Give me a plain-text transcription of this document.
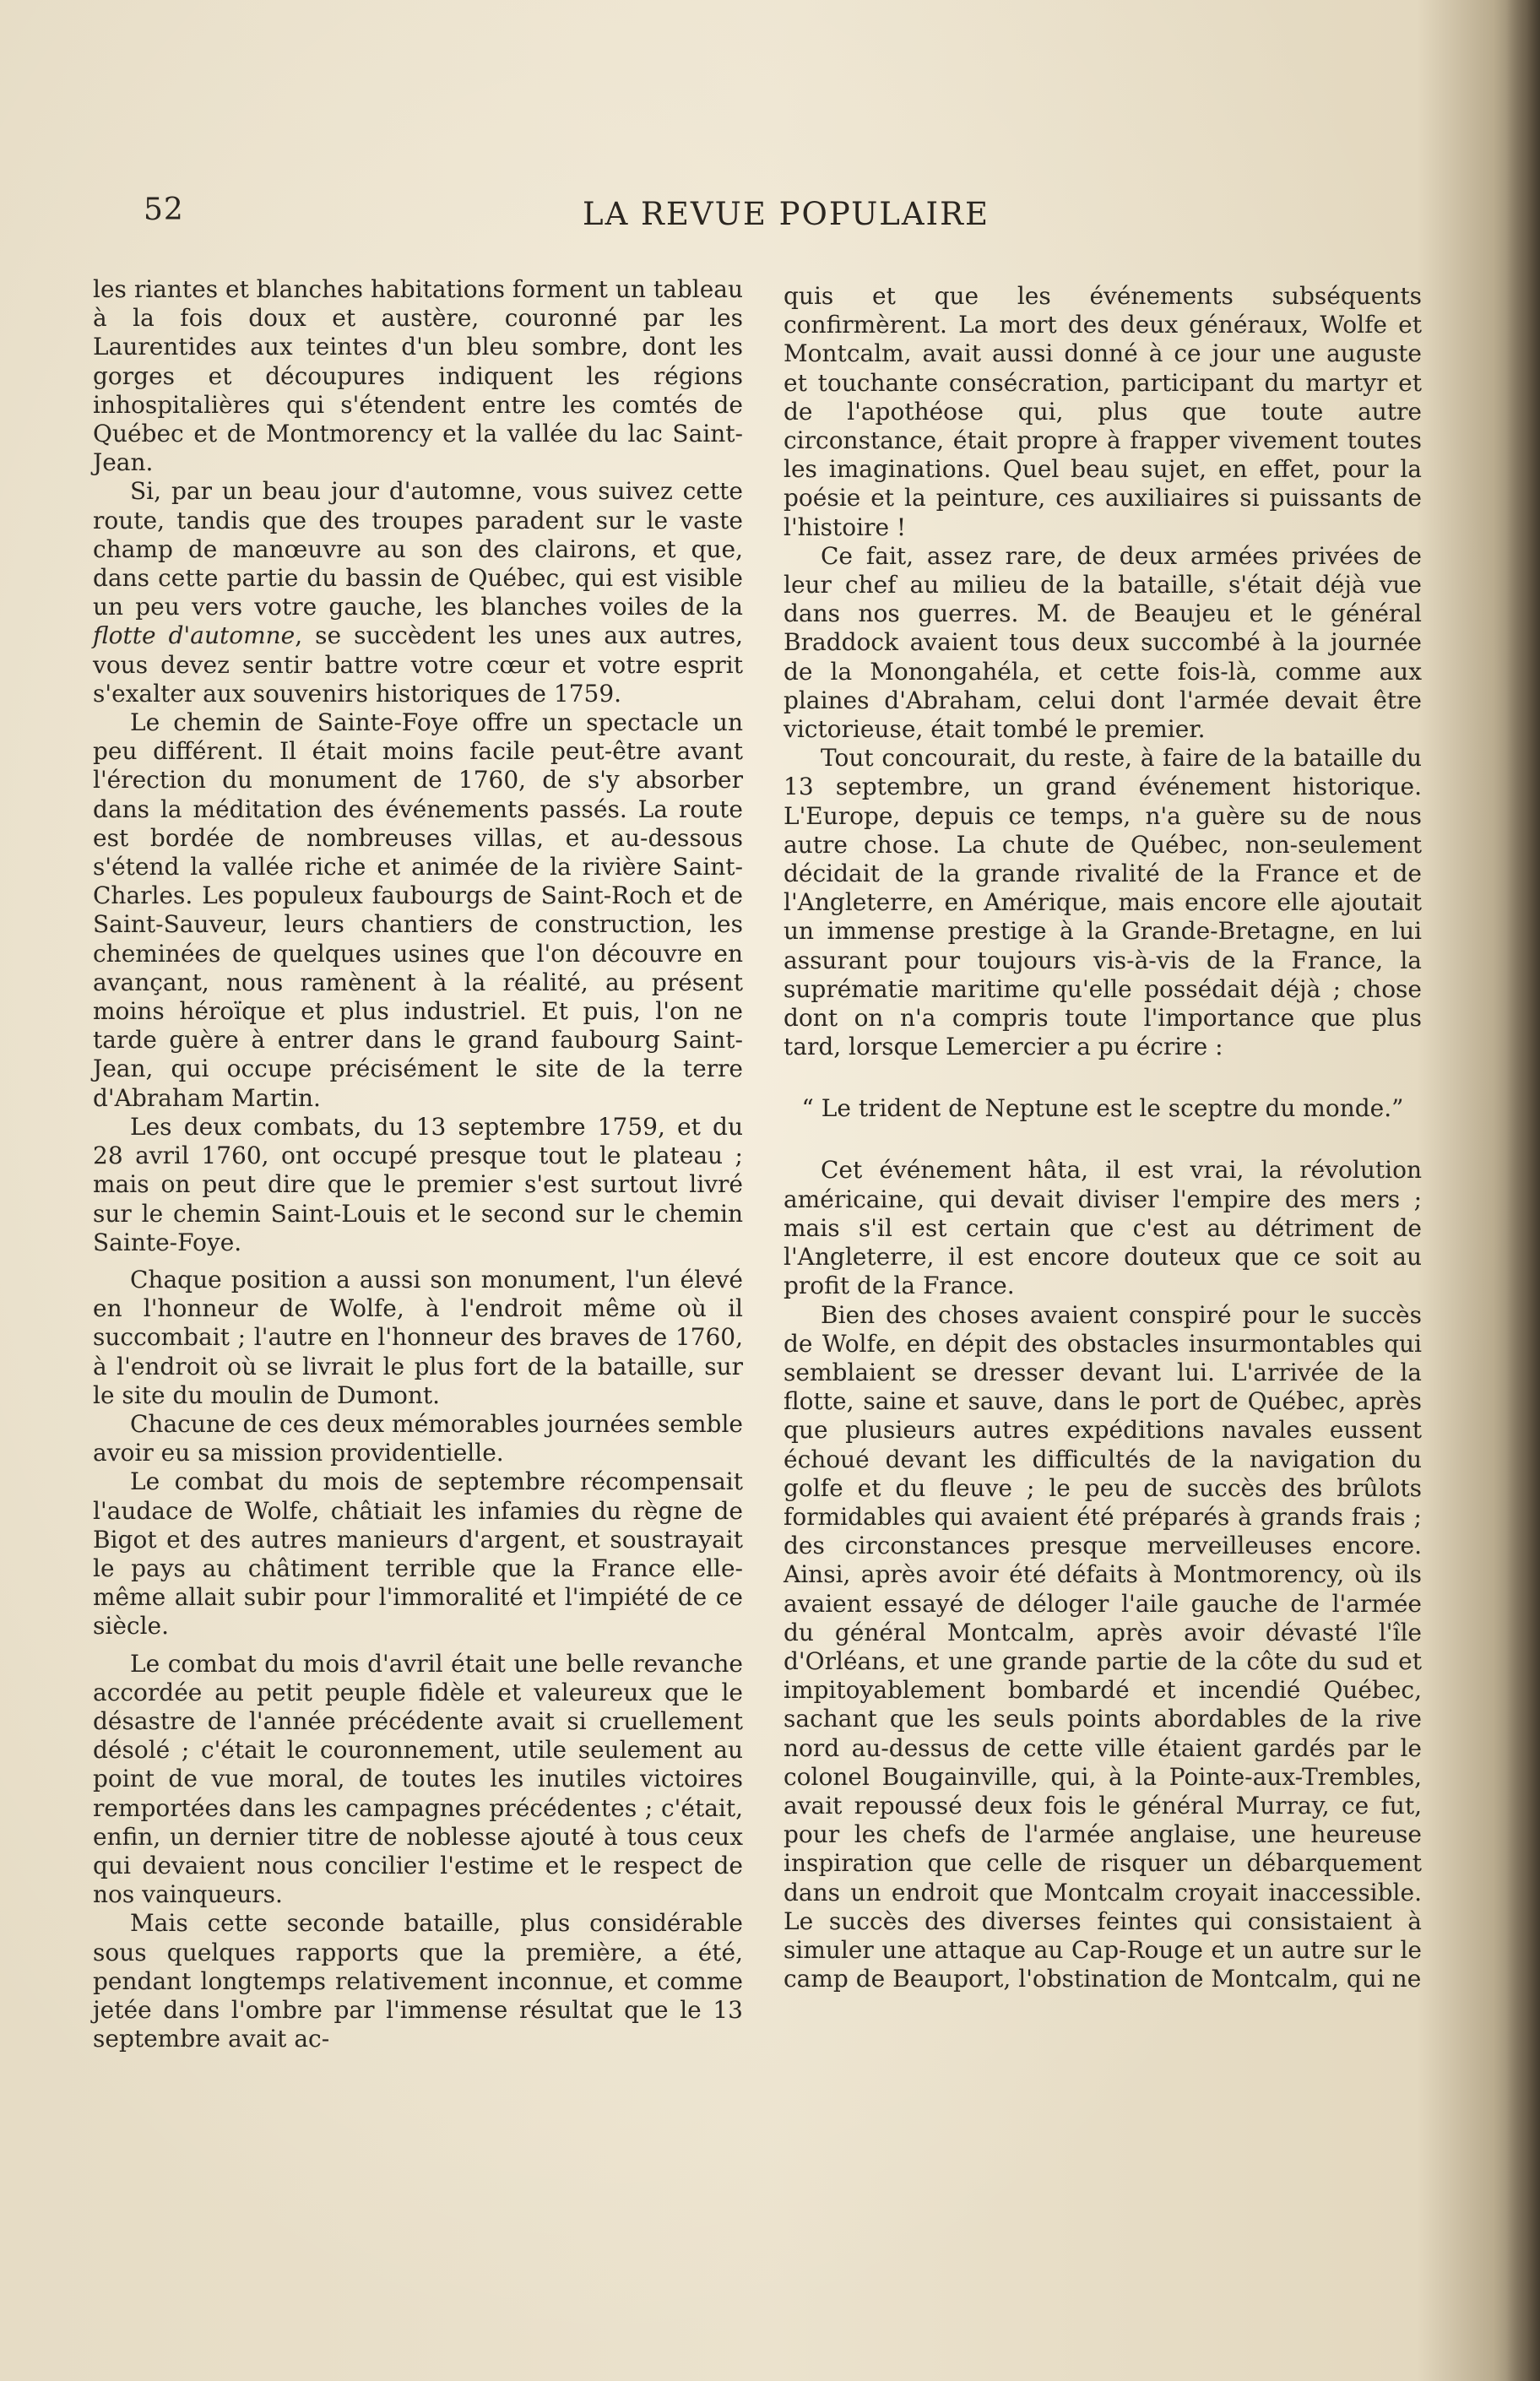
52	LA REVUE POPULAIRE

les riantes et blanches habitations forment un tableau à la fois doux et austère, couronné par les Laurentides aux teintes d'un bleu sombre, dont les gorges et découpures indiquent les régions inhospitalières qui s'étendent entre les comtés de Québec et de Montmorency et la vallée du lac Saint-Jean.

Si, par un beau jour d'automne, vous suivez cette route, tandis que des troupes paradent sur le vaste champ de manœuvre au son des clairons, et que, dans cette partie du bassin de Québec, qui est visible un peu vers votre gauche, les blanches voiles de la flotte d'automne, se succèdent les unes aux autres, vous devez sentir battre votre cœur et votre esprit s'exalter aux souvenirs historiques de 1759.

Le chemin de Sainte-Foye offre un spectacle un peu différent. Il était moins facile peut-être avant l'érection du monument de 1760, de s'y absorber dans la méditation des événements passés. La route est bordée de nombreuses villas, et au-dessous s'étend la vallée riche et animée de la rivière Saint-Charles. Les populeux faubourgs de Saint-Roch et de Saint-Sauveur, leurs chantiers de construction, les cheminées de quelques usines que l'on découvre en avançant, nous ramènent à la réalité, au présent moins héroïque et plus industriel. Et puis, l'on ne tarde guère à entrer dans le grand faubourg Saint-Jean, qui occupe précisément le site de la terre d'Abraham Martin.

Les deux combats, du 13 septembre 1759, et du 28 avril 1760, ont occupé presque tout le plateau ; mais on peut dire que le premier s'est surtout livré sur le chemin Saint-Louis et le second sur le chemin Sainte-Foye.

Chaque position a aussi son monument, l'un élevé en l'honneur de Wolfe, à l'endroit même où il succombait ; l'autre en l'honneur des braves de 1760, à l'endroit où se livrait le plus fort de la bataille, sur le site du moulin de Dumont.

Chacune de ces deux mémorables journées semble avoir eu sa mission providentielle.

Le combat du mois de septembre récompensait l'audace de Wolfe, châtiait les infamies du règne de Bigot et des autres manieurs d'argent, et soustrayait le pays au châtiment terrible que la France elle-même allait subir pour l'immoralité et l'impiété de ce siècle.

Le combat du mois d'avril était une belle revanche accordée au petit peuple fidèle et valeureux que le désastre de l'année précédente avait si cruellement désolé ; c'était le couronnement, utile seulement au point de vue moral, de toutes les inutiles victoires remportées dans les campagnes précédentes ; c'était, enfin, un dernier titre de noblesse ajouté à tous ceux qui devaient nous concilier l'estime et le respect de nos vainqueurs.

Mais cette seconde bataille, plus considérable sous quelques rapports que la première, a été, pendant longtemps relativement inconnue, et comme jetée dans l'ombre par l'immense résultat que le 13 septembre avait ac-

quis et que les événements subséquents confirmèrent. La mort des deux généraux, Wolfe et Montcalm, avait aussi donné à ce jour une auguste et touchante consécration, participant du martyr et de l'apothéose qui, plus que toute autre circonstance, était propre à frapper vivement toutes les imaginations. Quel beau sujet, en effet, pour la poésie et la peinture, ces auxiliaires si puissants de l'histoire !

Ce fait, assez rare, de deux armées privées de leur chef au milieu de la bataille, s'était déjà vue dans nos guerres. M. de Beaujeu et le général Braddock avaient tous deux succombé à la journée de la Monongahéla, et cette fois-là, comme aux plaines d'Abraham, celui dont l'armée devait être victorieuse, était tombé le premier.

Tout concourait, du reste, à faire de la bataille du 13 septembre, un grand événement historique. L'Europe, depuis ce temps, n'a guère su de nous autre chose. La chute de Québec, non-seulement décidait de la grande rivalité de la France et de l'Angleterre, en Amérique, mais encore elle ajoutait un immense prestige à la Grande-Bretagne, en lui assurant pour toujours vis-à-vis de la France, la suprématie maritime qu'elle possédait déjà ; chose dont on n'a compris toute l'importance que plus tard, lorsque Lemercier a pu écrire :

“ Le trident de Neptune est le sceptre du monde.”

Cet événement hâta, il est vrai, la révolution américaine, qui devait diviser l'empire des mers ; mais s'il est certain que c'est au détriment de l'Angleterre, il est encore douteux que ce soit au profit de la France.

Bien des choses avaient conspiré pour le succès de Wolfe, en dépit des obstacles insurmontables qui semblaient se dresser devant lui. L'arrivée de la flotte, saine et sauve, dans le port de Québec, après que plusieurs autres expéditions navales eussent échoué devant les difficultés de la navigation du golfe et du fleuve ; le peu de succès des brûlots formidables qui avaient été préparés à grands frais ; des circonstances presque merveilleuses encore. Ainsi, après avoir été défaits à Montmorency, où ils avaient essayé de déloger l'aile gauche de l'armée du général Montcalm, après avoir dévasté l'île d'Orléans, et une grande partie de la côte du sud et impitoyablement bombardé et incendié Québec, sachant que les seuls points abordables de la rive nord au-dessus de cette ville étaient gardés par le colonel Bougainville, qui, à la Pointe-aux-Trembles, avait repoussé deux fois le général Murray, ce fut, pour les chefs de l'armée anglaise, une heureuse inspiration que celle de risquer un débarquement dans un endroit que Montcalm croyait inaccessible. Le succès des diverses feintes qui consistaient à simuler une attaque au Cap-Rouge et un autre sur le camp de Beauport, l'obstination de Montcalm, qui ne
